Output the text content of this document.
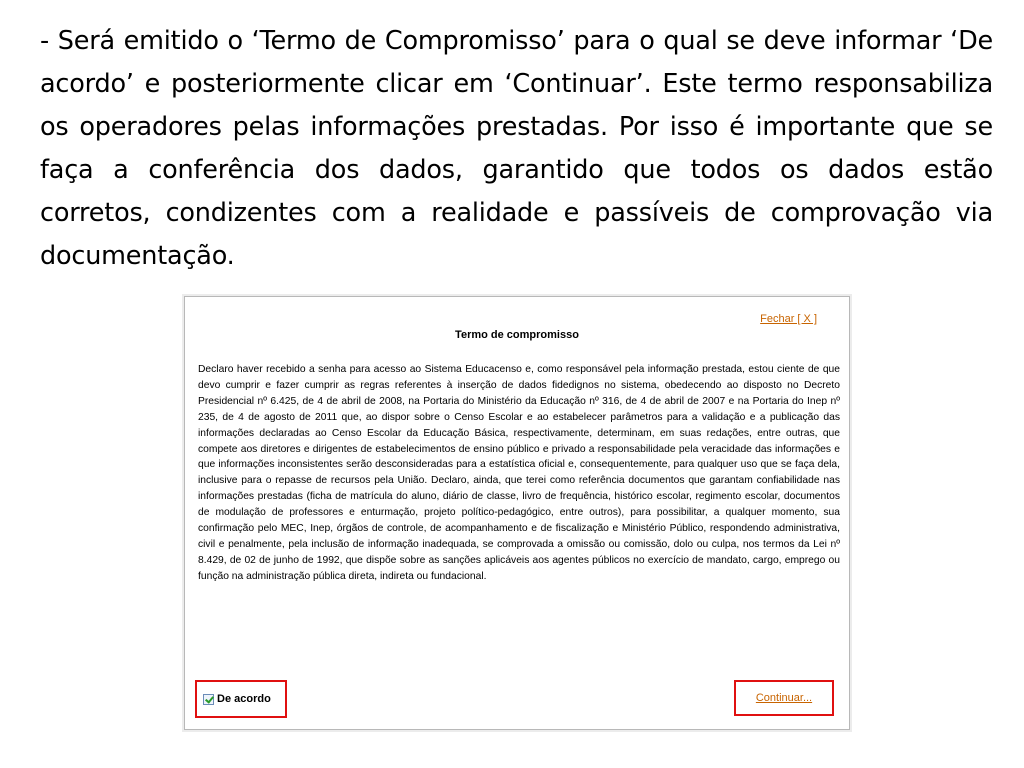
- Será emitido o ‘Termo de Compromisso’ para o qual se deve informar ‘De acordo’ e posteriormente clicar em ‘Continuar’. Este termo responsabiliza os operadores pelas informações prestadas. Por isso é importante que se faça a conferência dos dados, garantido que todos os dados estão corretos, condizentes com a realidade e passíveis de comprovação via documentação.

Fechar [ X ]

Termo de compromisso

Declaro haver recebido a senha para acesso ao Sistema Educacenso e, como responsável pela informação prestada, estou ciente de que devo cumprir e fazer cumprir as regras referentes à inserção de dados fidedignos no sistema, obedecendo ao disposto no Decreto Presidencial nº 6.425, de 4 de abril de 2008, na Portaria do Ministério da Educação nº 316, de 4 de abril de 2007 e na Portaria do Inep nº 235, de 4 de agosto de 2011 que, ao dispor sobre o Censo Escolar e ao estabelecer parâmetros para a validação e a publicação das informações declaradas ao Censo Escolar da Educação Básica, respectivamente, determinam, em suas redações, entre outras, que compete aos diretores e dirigentes de estabelecimentos de ensino público e privado a responsabilidade pela veracidade das informações e que informações inconsistentes serão desconsideradas para a estatística oficial e, consequentemente, para qualquer uso que se faça dela, inclusive para o repasse de recursos pela União. Declaro, ainda, que terei como referência documentos que garantam confiabilidade nas informações prestadas (ficha de matrícula do aluno, diário de classe, livro de frequência, histórico escolar, regimento escolar, documentos de modulação de professores e enturmação, projeto político-pedagógico, entre outros), para possibilitar, a qualquer momento, sua confirmação pelo MEC, Inep, órgãos de controle, de acompanhamento e de fiscalização e Ministério Público, respondendo administrativa, civil e penalmente, pela inclusão de informação inadequada, se comprovada a omissão ou comissão, dolo ou culpa, nos termos da Lei nº 8.429, de 02 de junho de 1992, que dispõe sobre as sanções aplicáveis aos agentes públicos no exercício de mandato, cargo, emprego ou função na administração pública direta, indireta ou fundacional.

De acordo	Continuar...
